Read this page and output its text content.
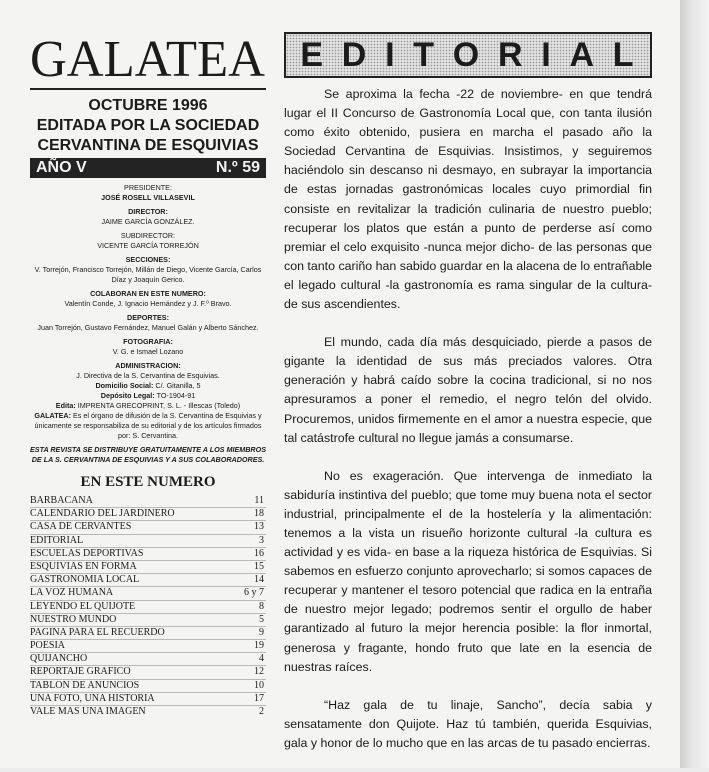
GALATEA
OCTUBRE 1996
EDITADA POR LA SOCIEDAD
CERVANTINA DE ESQUIVIAS
AÑO V	N.º 59
PRESIDENTE:
JOSÉ ROSELL VILLASEVIL
DIRECTOR:
JAIME GARCÍA GONZÁLEZ.
SUBDIRECTOR:
VICENTE GARCÍA TORREJÓN
SECCIONES:
V. Torrejón, Francisco Torrejón, Millán de Diego, Vicente García, Carlos Díaz y Joaquín Gerico.
COLABORAN EN ESTE NUMERO:
Valentín Conde, J. Ignacio Hernández y J. F.º Bravo.
DEPORTES:
Juan Torrejón, Gustavo Fernández, Manuel Galán y Alberto Sánchez.
FOTOGRAFIA:
V. G. e Ismael Lozano
ADMINISTRACION:
J. Directiva de la S. Cervantina de Esquivias.
Domicilio Social: C/. Gitanilla, 5
Depósito Legal: TO-1904-91
Edita: IMPRENTA GRECOPRINT, S. L. - Illescas (Toledo)
GALATEA: Es el órgano de difusión de la S. Cervantina de Esquivias y únicamente se responsabiliza de su editorial y de los artículos firmados por: S. Cervantina.
ESTA REVISTA SE DISTRIBUYE GRATUITAMENTE A LOS MIEMBROS DE LA S. CERVANTINA DE ESQUIVIAS Y A SUS COLABORADORES.
EN ESTE NUMERO
BARBACANA	11
CALENDARIO DEL JARDINERO	18
CASA DE CERVANTES	13
EDITORIAL	3
ESCUELAS DEPORTIVAS	16
ESQUIVIAS EN FORMA	15
GASTRONOMIA LOCAL	14
LA VOZ HUMANA	6 y 7
LEYENDO EL QUIJOTE	8
NUESTRO MUNDO	5
PAGINA PARA EL RECUERDO	9
POESIA	19
QUIJANCHO	4
REPORTAJE GRAFICO	12
TABLON DE ANUNCIOS	10
UNA FOTO, UNA HISTORIA	17
VALE MAS UNA IMAGEN	2
E D I T O R I A L

Se aproxima la fecha -22 de noviembre- en que tendrá lugar el II Concurso de Gastronomía Local que, con tanta ilusión como éxito obtenido, pusiera en marcha el pasado año la Sociedad Cervantina de Esquivias. Insistimos, y seguiremos haciéndolo sin descanso ni desmayo, en subrayar la importancia de estas jornadas gastronómicas locales cuyo primordial fin consiste en revitalizar la tradición culinaria de nuestro pueblo; recuperar los platos que están a punto de perderse así como premiar el celo exquisito -nunca mejor dicho- de las personas que con tanto cariño han sabido guardar en la alacena de lo entrañable el legado cultural -la gastronomía es rama singular de la cultura- de sus ascendientes.

El mundo, cada día más desquiciado, pierde a pasos de gigante la identidad de sus más preciados valores. Otra generación y habrá caído sobre la cocina tradicional, si no nos apresuramos a poner el remedio, el negro telón del olvido. Procuremos, unidos firmemente en el amor a nuestra especie, que tal catástrofe cultural no llegue jamás a consumarse.

No es exageración. Que intervenga de inmediato la sabiduría instintiva del pueblo; que tome muy buena nota el sector industrial, principalmente el de la hostelería y la alimentación: tenemos a la vista un risueño horizonte cultural -la cultura es actividad y es vida- en base a la riqueza histórica de Esquivias. Si sabemos en esfuerzo conjunto aprovecharlo; si somos capaces de recuperar y mantener el tesoro potencial que radica en la entraña de nuestro mejor legado; podremos sentir el orgullo de haber garantizado al futuro la mejor herencia posible: la flor inmortal, generosa y fragante, hondo fruto que late en la esencia de nuestras raíces.

“Haz gala de tu linaje, Sancho”, decía sabia y sensatamente don Quijote. Haz tú también, querida Esquivias, gala y honor de lo mucho que en las arcas de tu pasado encierras.
